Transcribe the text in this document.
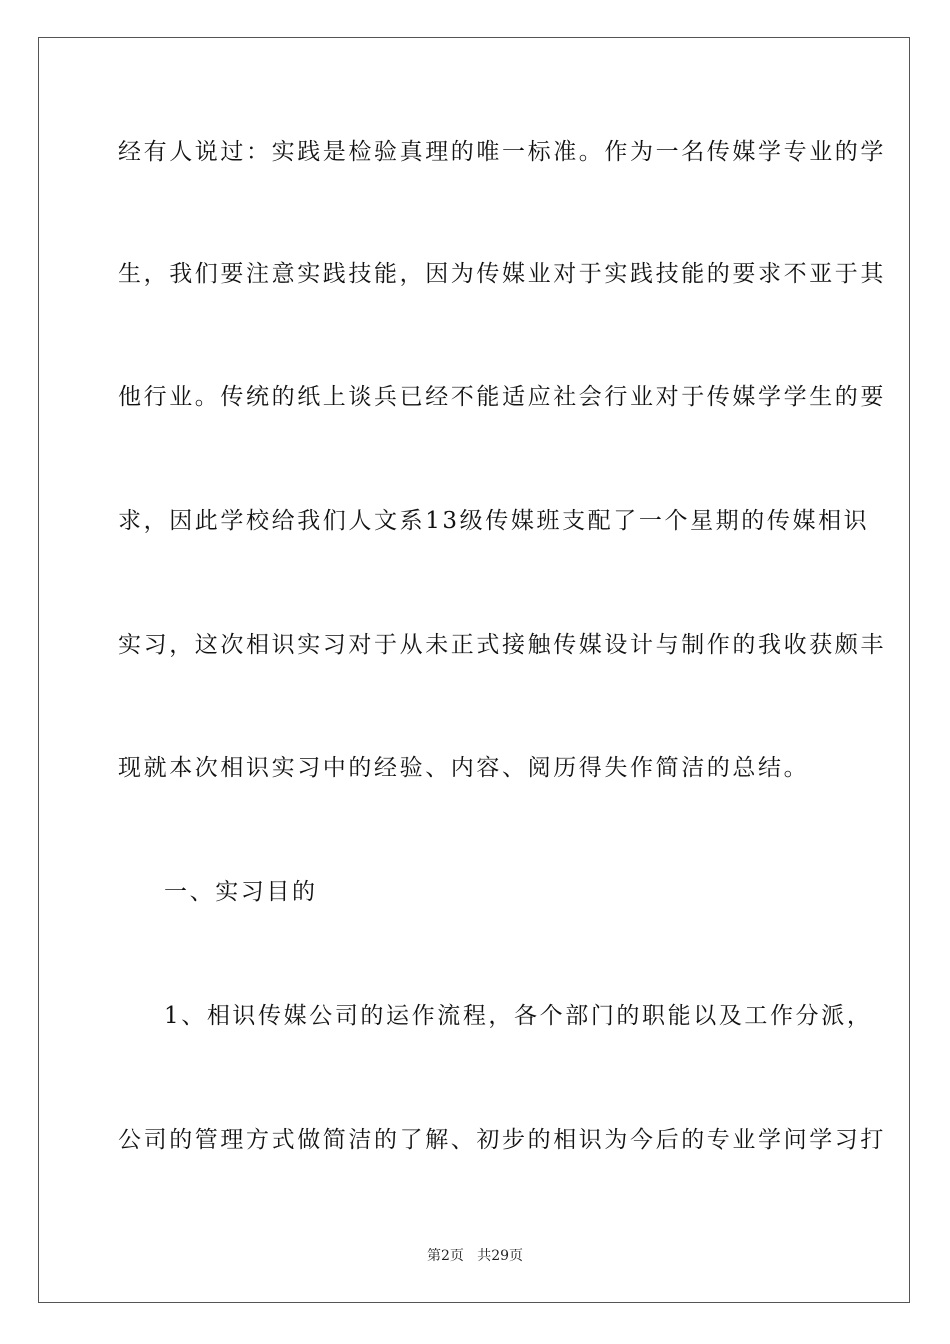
经有人说过：实践是检验真理的唯一标准。作为一名传媒学专业的学
生，我们要注意实践技能，因为传媒业对于实践技能的要求不亚于其
他行业。传统的纸上谈兵已经不能适应社会行业对于传媒学学生的要
求，因此学校给我们人文系13级传媒班支配了一个星期的传媒相识
实习，这次相识实习对于从未正式接触传媒设计与制作的我收获颇丰
现就本次相识实习中的经验、内容、阅历得失作简洁的总结。
一、实习目的
1、相识传媒公司的运作流程，各个部门的职能以及工作分派，
公司的管理方式做简洁的了解、初步的相识为今后的专业学问学习打
第2页   共29页
